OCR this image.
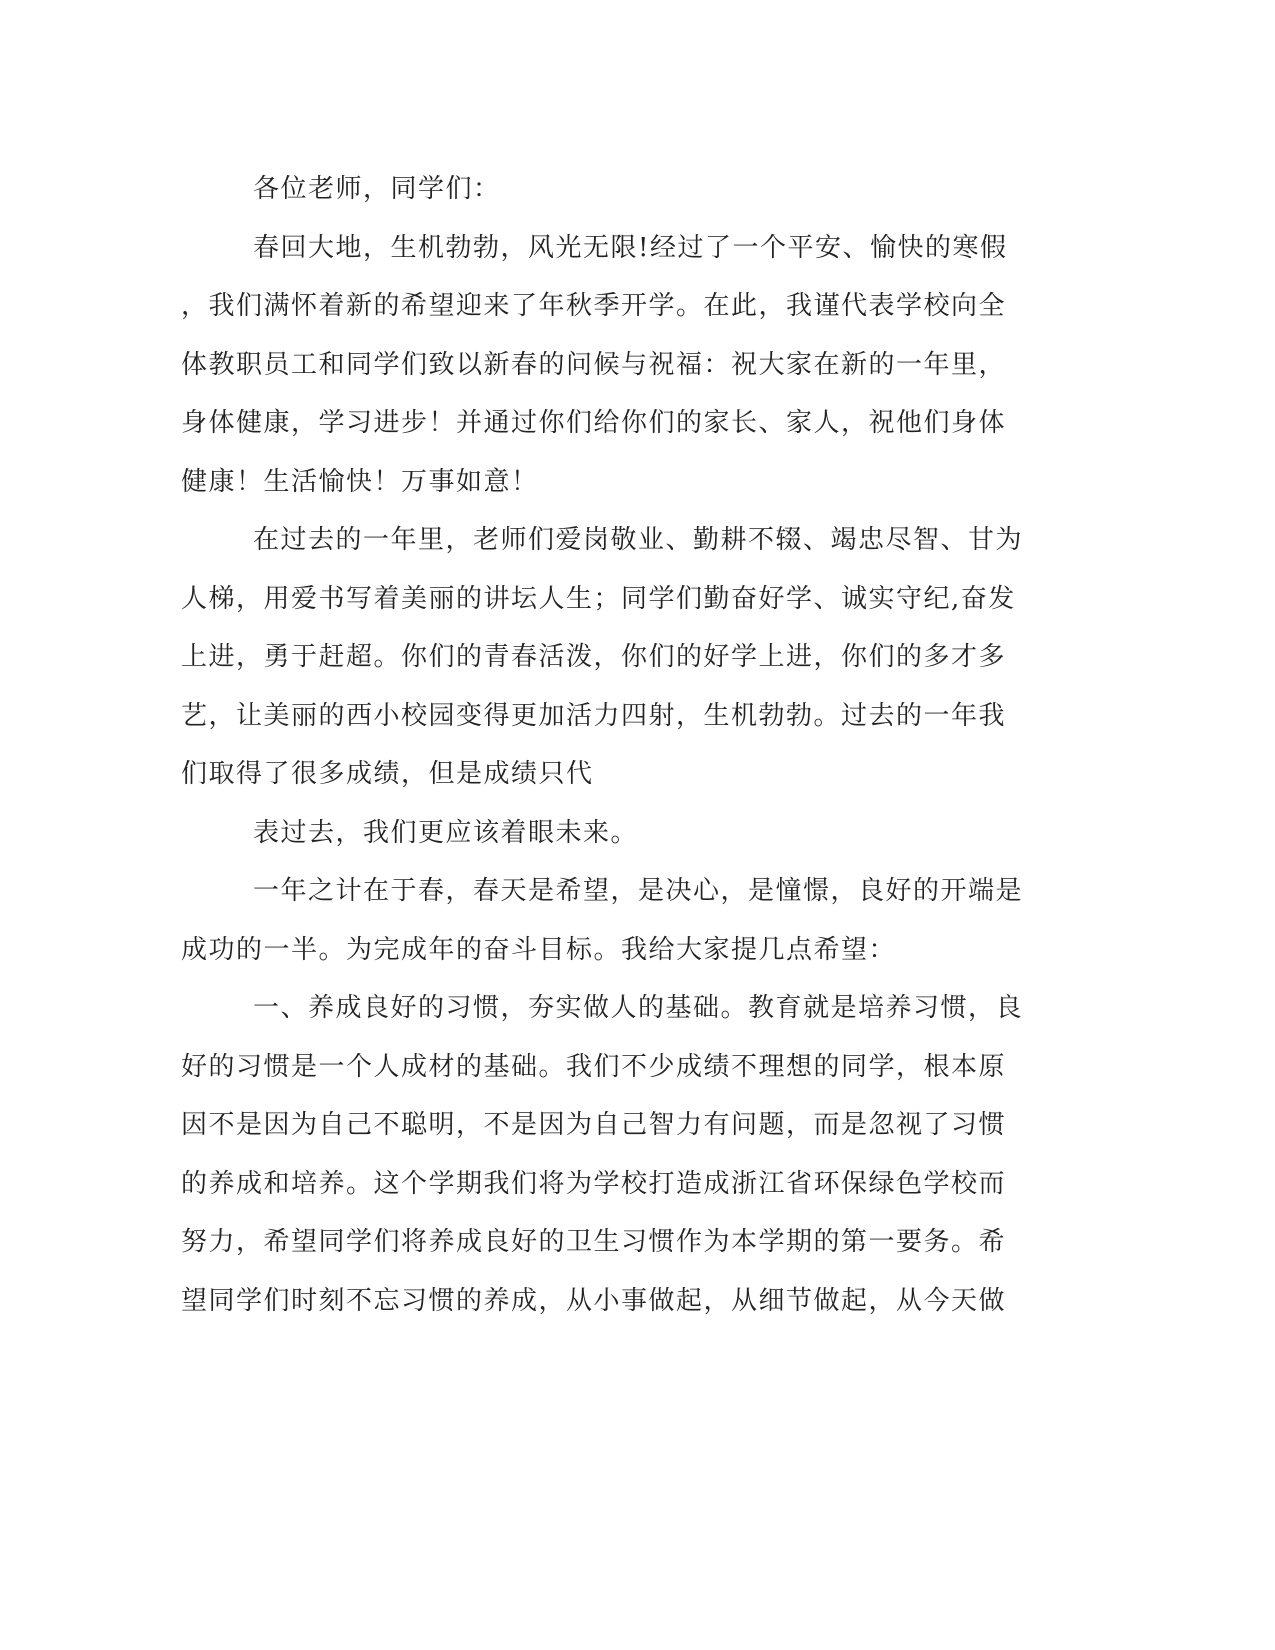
各位老师，同学们：
春回大地，生机勃勃，风光无限!经过了一个平安、愉快的寒假
，我们满怀着新的希望迎来了年秋季开学。在此，我谨代表学校向全
体教职员工和同学们致以新春的问候与祝福：祝大家在新的一年里，
身体健康，学习进步！并通过你们给你们的家长、家人，祝他们身体
健康！生活愉快！万事如意！
在过去的一年里，老师们爱岗敬业、勤耕不辍、竭忠尽智、甘为
人梯，用爱书写着美丽的讲坛人生；同学们勤奋好学、诚实守纪,奋发
上进，勇于赶超。你们的青春活泼，你们的好学上进，你们的多才多
艺，让美丽的西小校园变得更加活力四射，生机勃勃。过去的一年我
们取得了很多成绩，但是成绩只代
表过去，我们更应该着眼未来。
一年之计在于春，春天是希望，是决心，是憧憬，良好的开端是
成功的一半。为完成年的奋斗目标。我给大家提几点希望：
一、养成良好的习惯，夯实做人的基础。教育就是培养习惯，良
好的习惯是一个人成材的基础。我们不少成绩不理想的同学，根本原
因不是因为自己不聪明，不是因为自己智力有问题，而是忽视了习惯
的养成和培养。这个学期我们将为学校打造成浙江省环保绿色学校而
努力，希望同学们将养成良好的卫生习惯作为本学期的第一要务。希
望同学们时刻不忘习惯的养成，从小事做起，从细节做起，从今天做
